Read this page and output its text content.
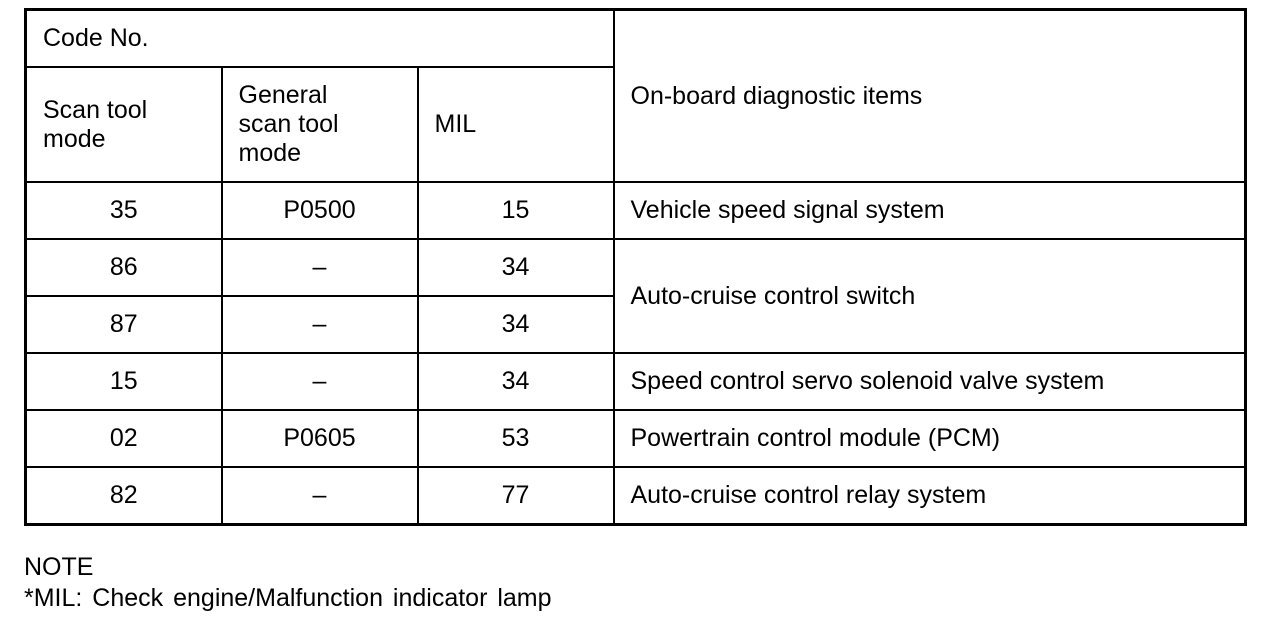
Code No.			On-board diagnostic items

Scan tool mode	General scan tool mode	MIL	
35	P0500	15	Vehicle speed signal system
86	–	34	Auto-cruise control switch
87	–	34	
15	–	34	Speed control servo solenoid valve system
02	P0605	53	Powertrain control module (PCM)
82	–	77	Auto-cruise control relay system
NOTE
*MIL: Check engine/Malfunction indicator lamp
